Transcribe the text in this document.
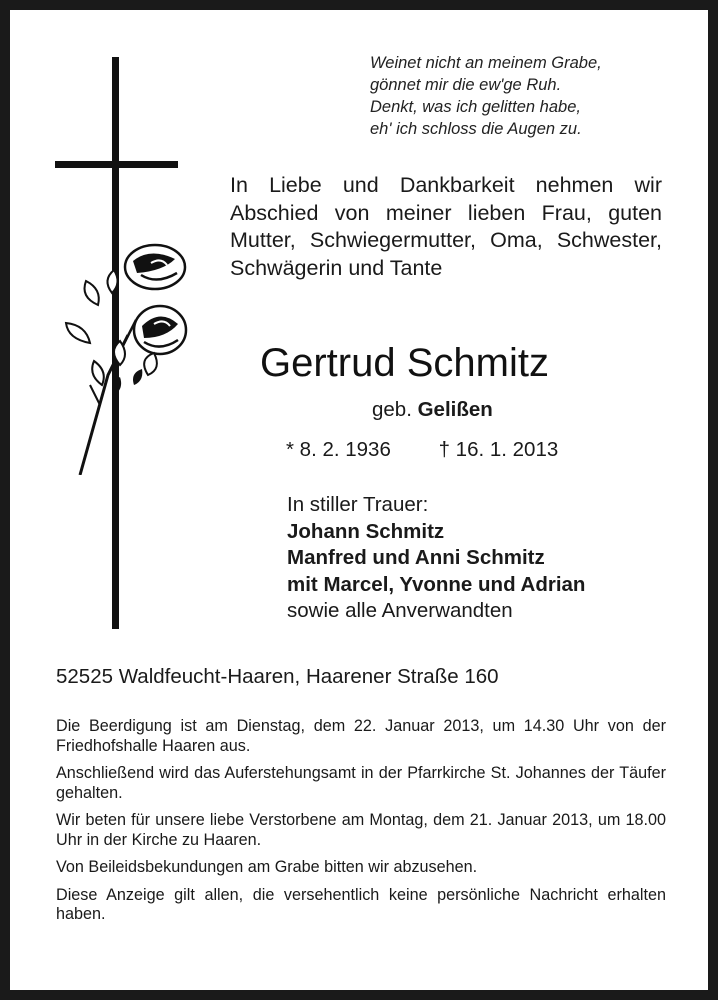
Weinet nicht an meinem Grabe,
gönnet mir die ew'ge Ruh.
Denkt, was ich gelitten habe,
eh' ich schloss die Augen zu.
In Liebe und Dankbarkeit nehmen wir Abschied von meiner lieben Frau, guten Mutter, Schwiegermutter, Oma, Schwester, Schwägerin und Tante
Gertrud Schmitz
geb. Gelißen
* 8. 2. 1936 † 16. 1. 2013
In stiller Trauer:
Johann Schmitz
Manfred und Anni Schmitz
mit Marcel, Yvonne und Adrian
sowie alle Anverwandten
52525 Waldfeucht-Haaren, Haarener Straße 160

Die Beerdigung ist am Dienstag, dem 22. Januar 2013, um 14.30 Uhr von der Friedhofshalle Haaren aus.

Anschließend wird das Auferstehungsamt in der Pfarrkirche St. Johannes der Täufer gehalten.

Wir beten für unsere liebe Verstorbene am Montag, dem 21. Januar 2013, um 18.00 Uhr in der Kirche zu Haaren.

Von Beileidsbekundungen am Grabe bitten wir abzusehen.

Diese Anzeige gilt allen, die versehentlich keine persönliche Nachricht erhalten haben.
